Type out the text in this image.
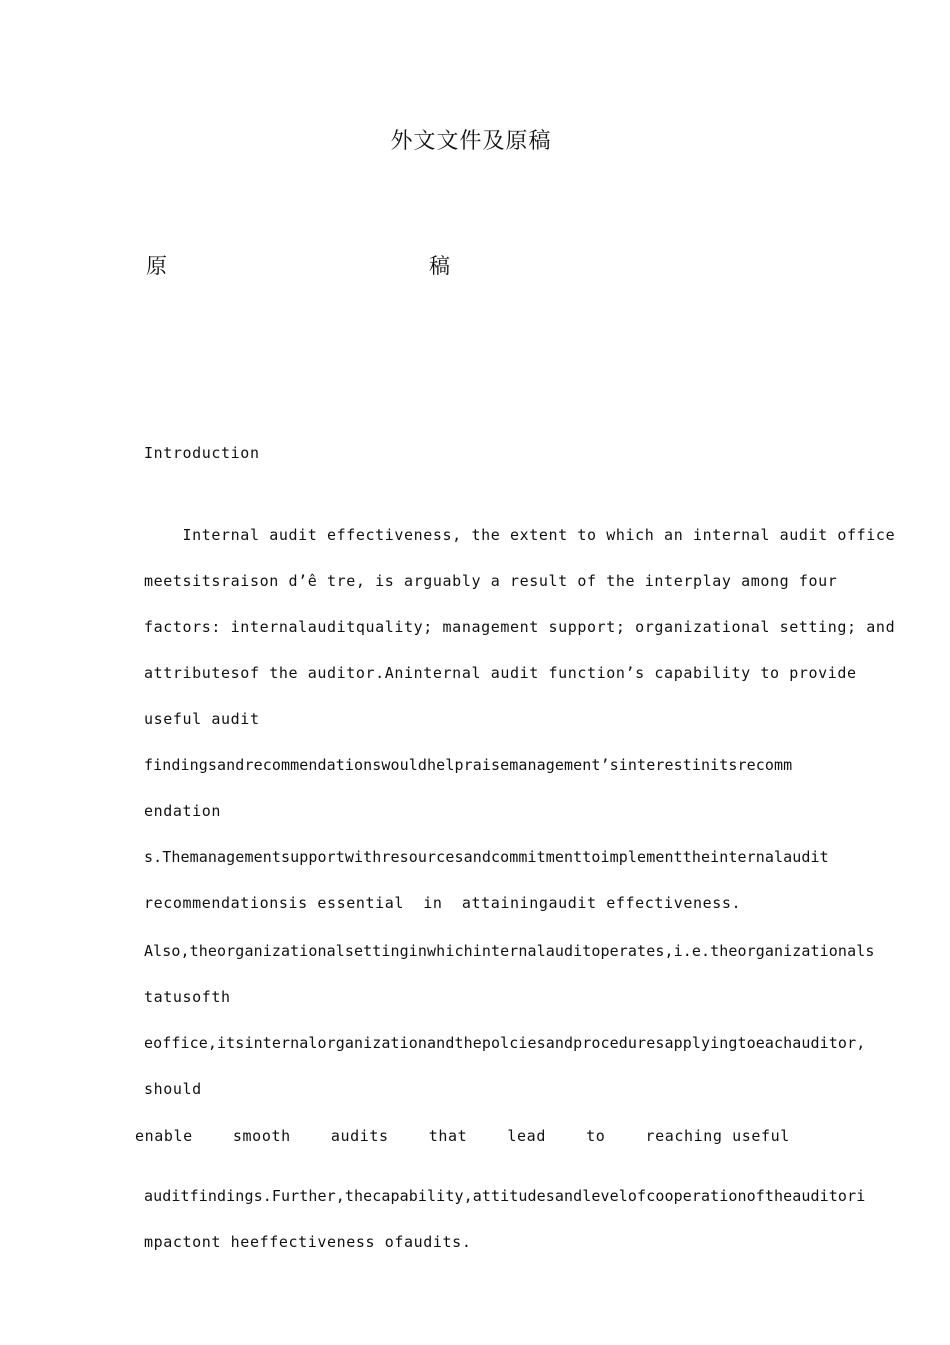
外文文件及原稿
原	稿
Introduction
Internal audit effectiveness, the extent to which an internal audit office
meetsitsraison d’ê tre, is arguably a result of the interplay among four
factors: internalauditquality; management support; organizational setting; and
attributesof the auditor.Aninternal audit function’s capability to provide
useful audit
findingsandrecommendationswouldhelpraisemanagement’sinterestinitsrecomm
endation
s.Themanagementsupportwithresourcesandcommitmenttoimplementtheinternalaudit
recommendationsis essential  in  attainingaudit effectiveness.
Also,theorganizationalsettinginwhichinternalauditoperates,i.e.theorganizationals
tatusofth
eoffice,itsinternalorganizationandthepolciesandproceduresapplyingtoeachauditor,
should
enable	smooth	audits	that	lead	to	reaching useful
auditfindings.Further,thecapability,attitudesandlevelofcooperationoftheauditori
mpactont heeffectiveness ofaudits.
